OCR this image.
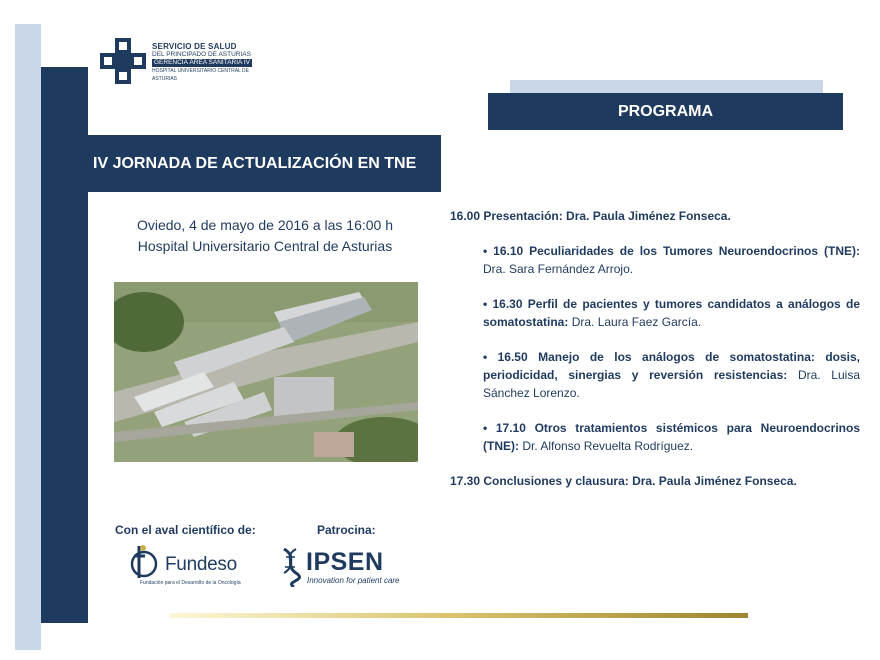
SERVICIO DE SALUD
DEL PRINCIPADO DE ASTURIAS
GERENCIA ÁREA SANITARIA IV
HOSPITAL UNIVERSITARIO CENTRAL DE ASTURIAS
IV JORNADA DE ACTUALIZACIÓN EN TNE
PROGRAMA
Oviedo, 4 de mayo de 2016 a las 16:00 h
Hospital Universitario Central de Asturias
16.00 Presentación: Dra. Paula Jiménez Fonseca.
• 16.10 Peculiaridades de los Tumores Neuroendocrinos (TNE): Dra. Sara Fernández Arrojo.
• 16.30 Perfil de pacientes y tumores candidatos a análogos de somatostatina: Dra. Laura Faez García.
• 16.50 Manejo de los análogos de somatostatina: dosis, periodicidad, sinergias y reversión resistencias: Dra. Luisa Sánchez Lorenzo.
• 17.10 Otros tratamientos sistémicos para Neuroendocrinos (TNE): Dr. Alfonso Revuelta Rodríguez.
17.30 Conclusiones y clausura: Dra. Paula Jiménez Fonseca.
Con el aval científico de:	Patrocina:
Fundeso
Fundación para el Desarrollo de la Oncología
IPSEN
Innovation for patient care
